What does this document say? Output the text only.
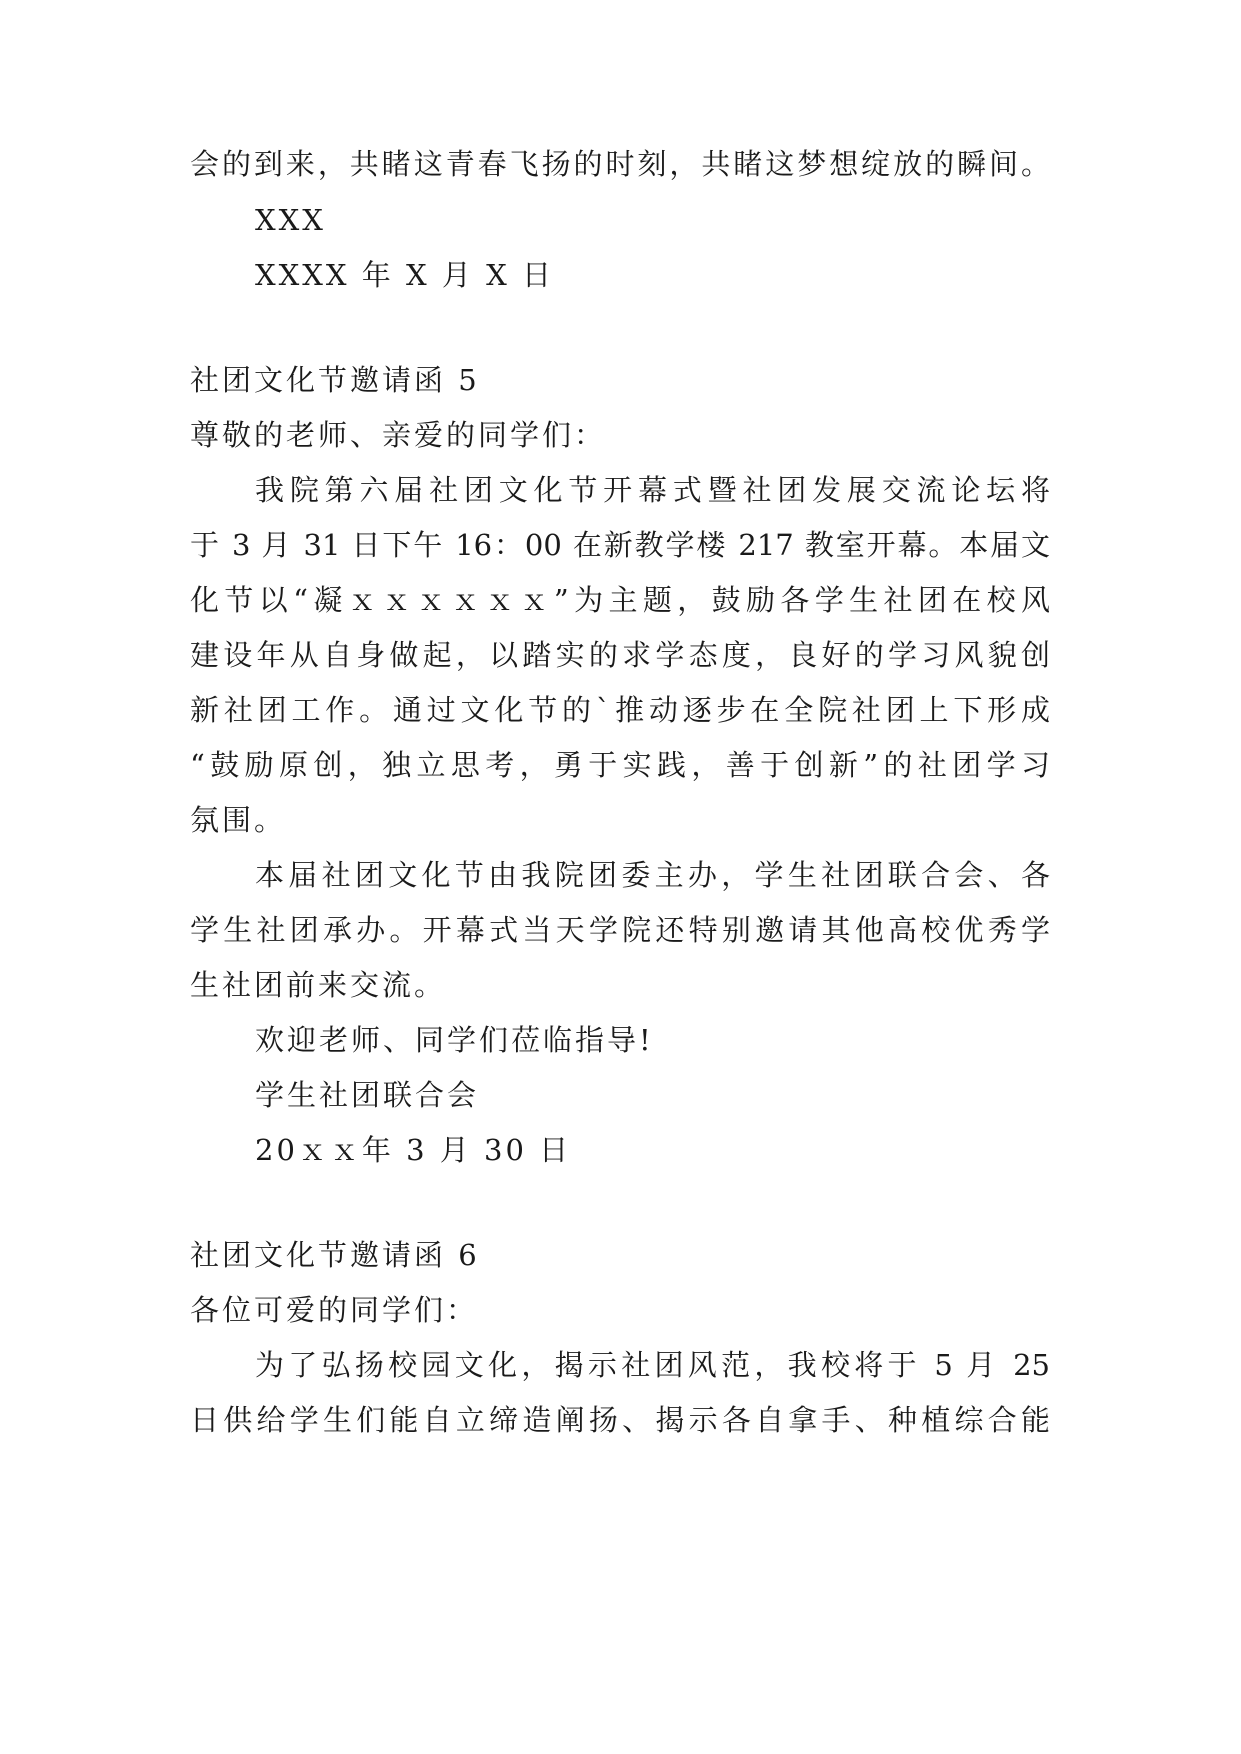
会的到来，共睹这青春飞扬的时刻，共睹这梦想绽放的瞬间。
XXX
XXXX 年 X 月 X 日
社团文化节邀请函 5
尊敬的老师、亲爱的同学们：
我院第六届社团文化节开幕式暨社团发展交流论坛将
于 3 月 31 日下午 16：00 在新教学楼 217 教室开幕。本届文
化节以“凝ｘｘｘｘｘｘ”为主题，鼓励各学生社团在校风
建设年从自身做起，以踏实的求学态度，良好的学习风貌创
新社团工作。通过文化节的`推动逐步在全院社团上下形成
“鼓励原创，独立思考，勇于实践，善于创新”的社团学习
氛围。
本届社团文化节由我院团委主办，学生社团联合会、各
学生社团承办。开幕式当天学院还特别邀请其他高校优秀学
生社团前来交流。
欢迎老师、同学们莅临指导!
学生社团联合会
20ｘｘ年 3 月 30 日
社团文化节邀请函 6
各位可爱的同学们：
为了弘扬校园文化，揭示社团风范，我校将于 5 月 25
日供给学生们能自立缔造阐扬、揭示各自拿手、种植综合能
